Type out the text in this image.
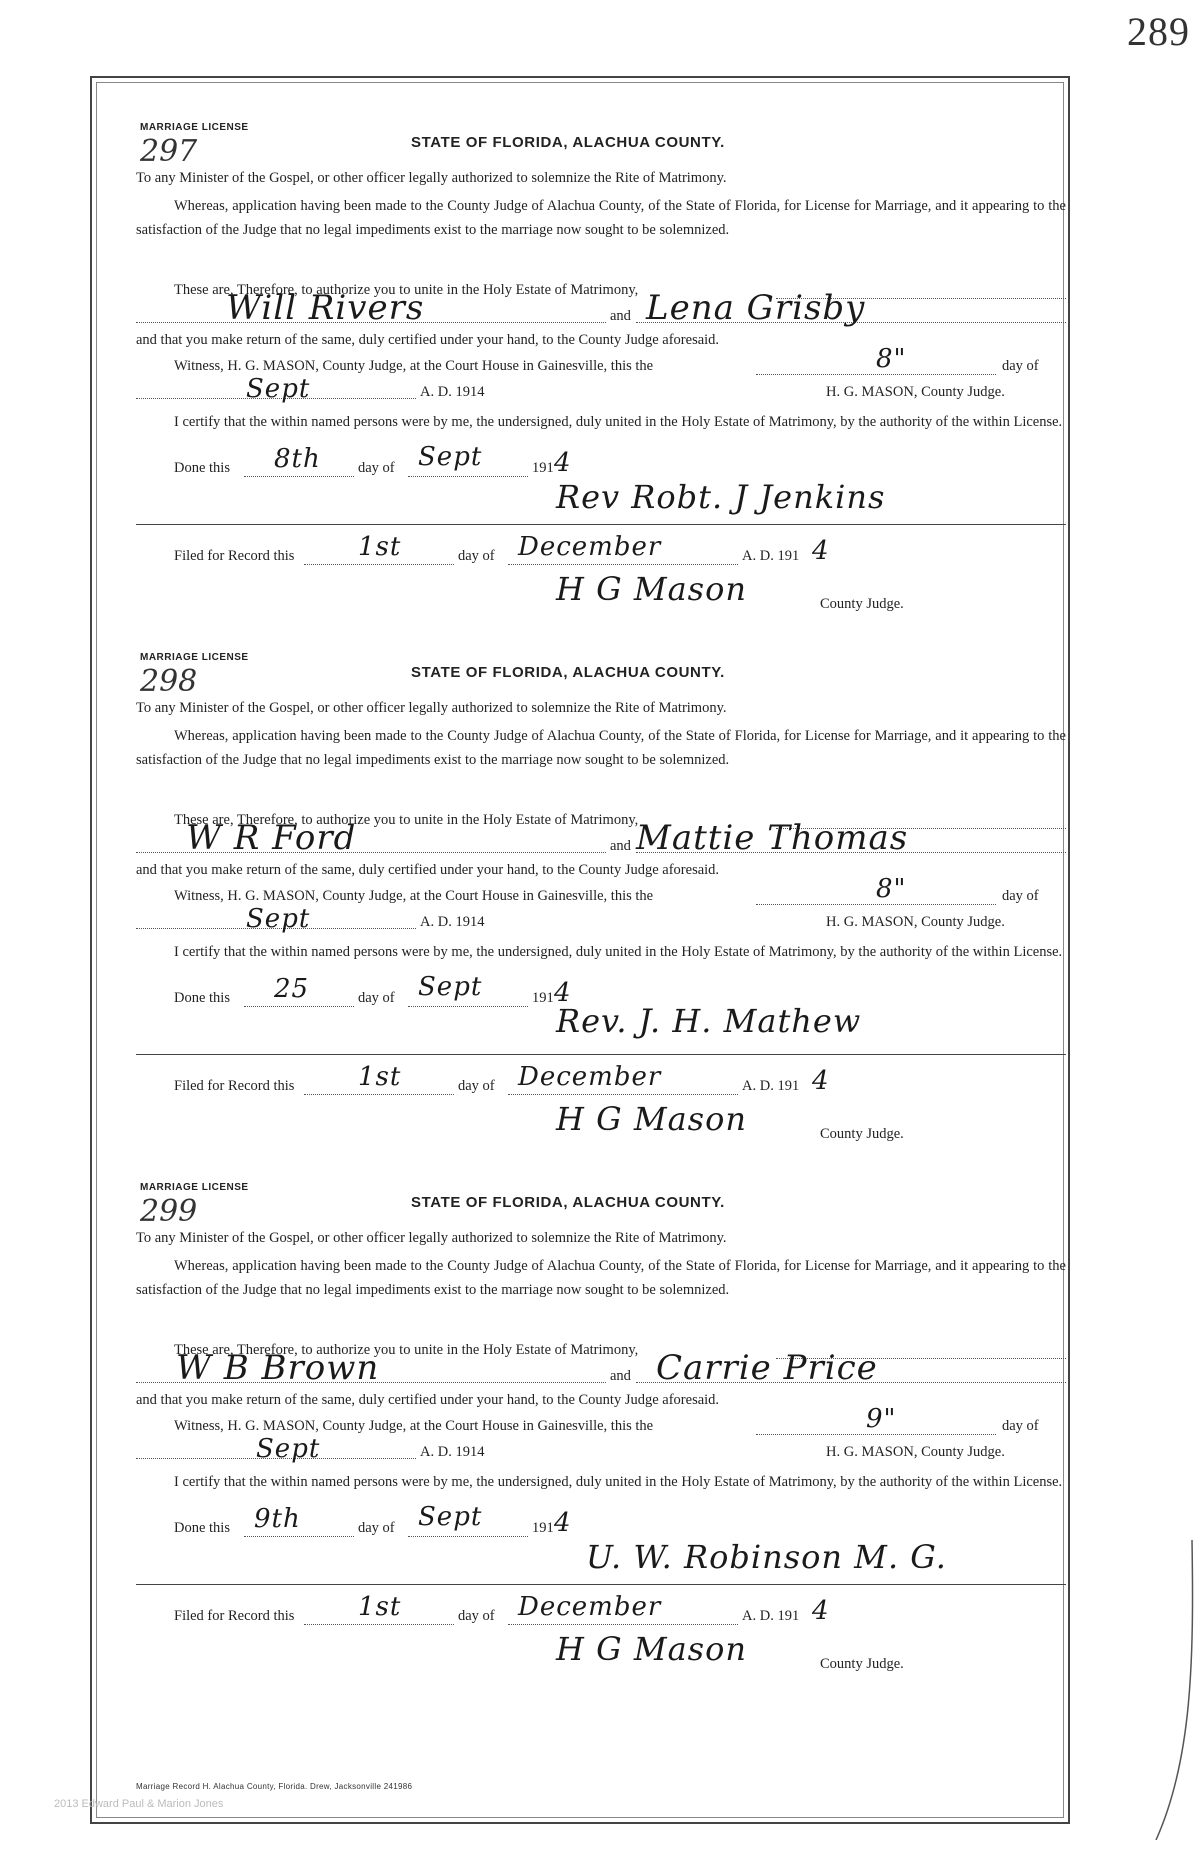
289
MARRIAGE LICENSE
297	STATE OF FLORIDA, ALACHUA COUNTY.
To any Minister of the Gospel, or other officer legally authorized to solemnize the Rite of Matrimony.
Whereas, application having been made to the County Judge of Alachua County, of the State of Florida, for License for Marriage, and it appearing to the satisfaction of the Judge that no legal impediments exist to the marriage now sought to be solemnized.
These are, Therefore, to authorize you to unite in the Holy Estate of Matrimony,
Will Rivers	and Lena Grisby
and that you make return of the same, duly certified under your hand, to the County Judge aforesaid.
Witness, H. G. MASON, County Judge, at the Court House in Gainesville, this the	8"	day of
Sept	A. D. 1914	H. G. MASON, County Judge.
I certify that the within named persons were by me, the undersigned, duly united in the Holy Estate of Matrimony, by the authority of the within License.
Done this 8th	day of Sept	191 4
Rev Robt. J Jenkins
Filed for Record this 1st	day of December	A. D. 191 4
H G Mason	County Judge.
MARRIAGE LICENSE
298	STATE OF FLORIDA, ALACHUA COUNTY.
To any Minister of the Gospel, or other officer legally authorized to solemnize the Rite of Matrimony.
Whereas, application having been made to the County Judge of Alachua County, of the State of Florida, for License for Marriage, and it appearing to the satisfaction of the Judge that no legal impediments exist to the marriage now sought to be solemnized.
These are, Therefore, to authorize you to unite in the Holy Estate of Matrimony,
W R Ford	and Mattie Thomas
and that you make return of the same, duly certified under your hand, to the County Judge aforesaid.
Witness, H. G. MASON, County Judge, at the Court House in Gainesville, this the	8"	day of
Sept	A. D. 1914	H. G. MASON, County Judge.
I certify that the within named persons were by me, the undersigned, duly united in the Holy Estate of Matrimony, by the authority of the within License.
Done this 25	day of Sept	191 4
Rev. J. H. Mathew
Filed for Record this 1st	day of December	A. D. 191 4
H G Mason	County Judge.
MARRIAGE LICENSE
299	STATE OF FLORIDA, ALACHUA COUNTY.
To any Minister of the Gospel, or other officer legally authorized to solemnize the Rite of Matrimony.
Whereas, application having been made to the County Judge of Alachua County, of the State of Florida, for License for Marriage, and it appearing to the satisfaction of the Judge that no legal impediments exist to the marriage now sought to be solemnized.
These are, Therefore, to authorize you to unite in the Holy Estate of Matrimony,
W B Brown	and Carrie Price
and that you make return of the same, duly certified under your hand, to the County Judge aforesaid.
Witness, H. G. MASON, County Judge, at the Court House in Gainesville, this the	9"	day of
Sept	A. D. 1914	H. G. MASON, County Judge.
I certify that the within named persons were by me, the undersigned, duly united in the Holy Estate of Matrimony, by the authority of the within License.
Done this 9th	day of Sept	191 4
U. W. Robinson M. G.
Filed for Record this 1st	day of December	A. D. 191 4
H G Mason	County Judge.
Marriage Record H. Alachua County, Florida. Drew, Jacksonville 241986
2013 Edward Paul & Marion Jones
